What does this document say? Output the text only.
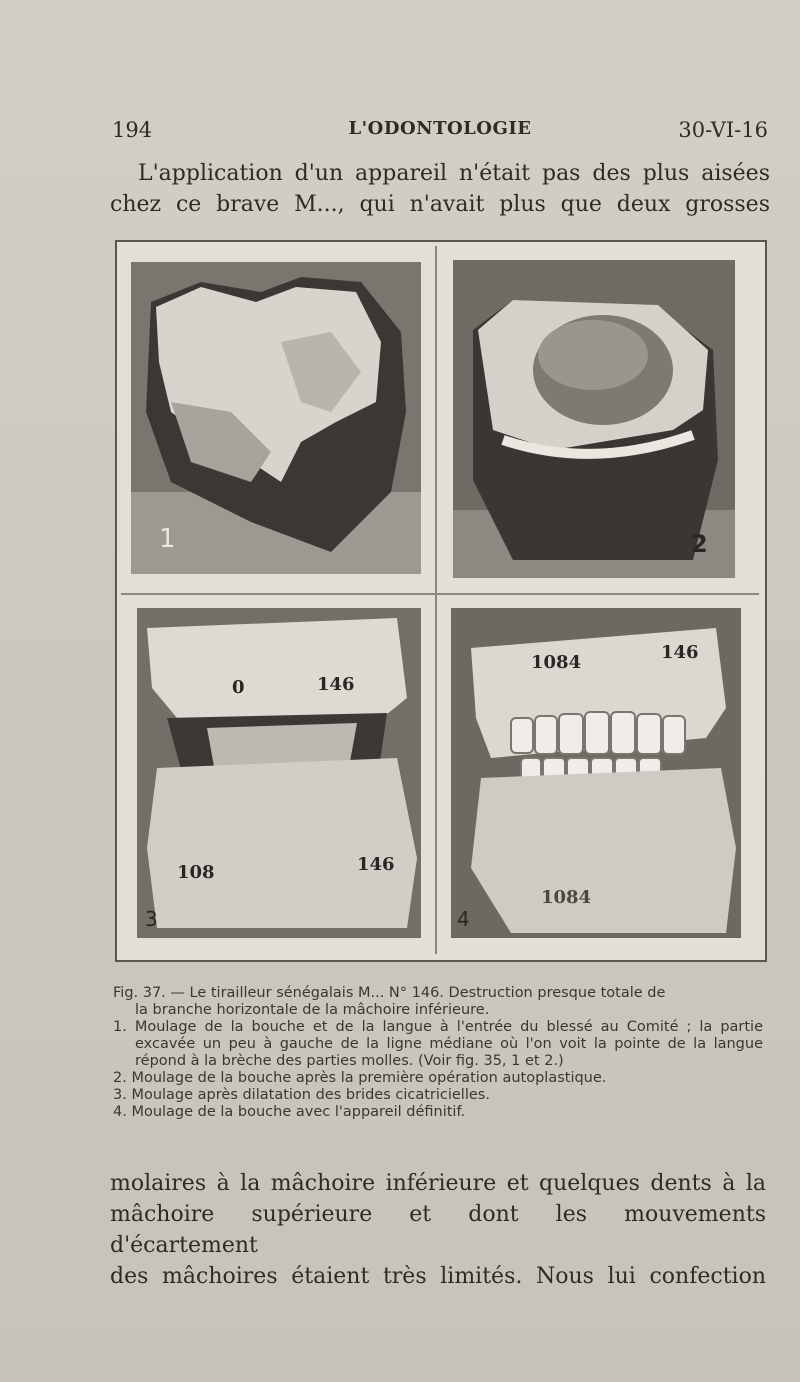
194	L'ODONTOLOGIE	30-VI-16

L'application d'un appareil n'était pas des plus aisées

chez ce brave M..., qui n'avait plus que deux grosses

1	2
0	146
108	146
3
1084	146
1084
4

Fig. 37. — Le tirailleur sénégalais M... N° 146. Destruction presque totale de

la branche horizontale de la mâchoire inférieure.

1. Moulage de la bouche et de la langue à l'entrée du blessé au Comité ; la partie excavée un peu à gauche de la ligne médiane où l'on voit la pointe de la langue répond à la brèche des parties molles. (Voir fig. 35, 1 et 2.)

2. Moulage de la bouche après la première opération autoplastique.

3. Moulage après dilatation des brides cicatricielles.

4. Moulage de la bouche avec l'appareil définitif.

molaires à la mâchoire inférieure et quelques dents à la

mâchoire supérieure et dont les mouvements d'écartement

des mâchoires étaient très limités. Nous lui confection
